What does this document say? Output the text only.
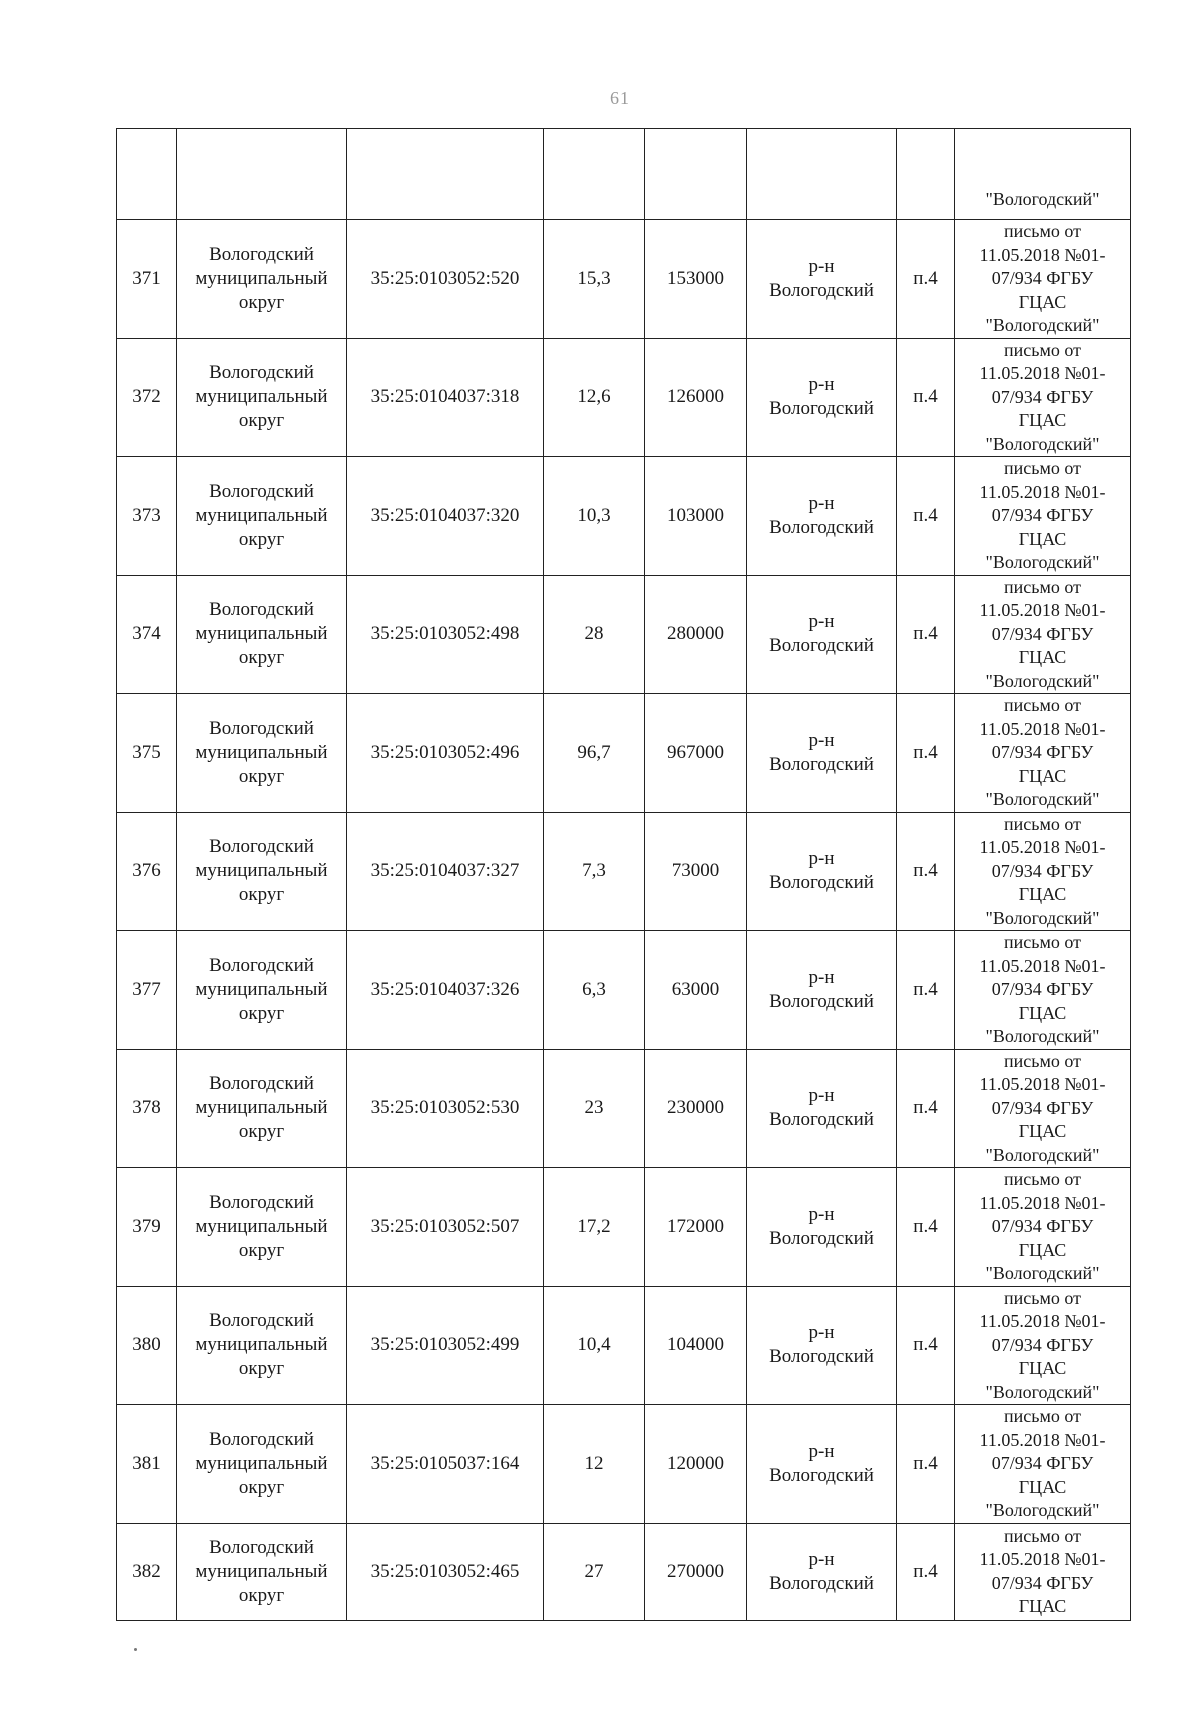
61
							"Вологодский"
371	Вологодский
муниципальный
округ	35:25:0103052:520	15,3	153000	р-н
Вологодский	п.4	письмо от
11.05.2018 №01-
07/934 ФГБУ
ГЦАС
"Вологодский"
372	Вологодский
муниципальный
округ	35:25:0104037:318	12,6	126000	р-н
Вологодский	п.4	письмо от
11.05.2018 №01-
07/934 ФГБУ
ГЦАС
"Вологодский"
373	Вологодский
муниципальный
округ	35:25:0104037:320	10,3	103000	р-н
Вологодский	п.4	письмо от
11.05.2018 №01-
07/934 ФГБУ
ГЦАС
"Вологодский"
374	Вологодский
муниципальный
округ	35:25:0103052:498	28	280000	р-н
Вологодский	п.4	письмо от
11.05.2018 №01-
07/934 ФГБУ
ГЦАС
"Вологодский"
375	Вологодский
муниципальный
округ	35:25:0103052:496	96,7	967000	р-н
Вологодский	п.4	письмо от
11.05.2018 №01-
07/934 ФГБУ
ГЦАС
"Вологодский"
376	Вологодский
муниципальный
округ	35:25:0104037:327	7,3	73000	р-н
Вологодский	п.4	письмо от
11.05.2018 №01-
07/934 ФГБУ
ГЦАС
"Вологодский"
377	Вологодский
муниципальный
округ	35:25:0104037:326	6,3	63000	р-н
Вологодский	п.4	письмо от
11.05.2018 №01-
07/934 ФГБУ
ГЦАС
"Вологодский"
378	Вологодский
муниципальный
округ	35:25:0103052:530	23	230000	р-н
Вологодский	п.4	письмо от
11.05.2018 №01-
07/934 ФГБУ
ГЦАС
"Вологодский"
379	Вологодский
муниципальный
округ	35:25:0103052:507	17,2	172000	р-н
Вологодский	п.4	письмо от
11.05.2018 №01-
07/934 ФГБУ
ГЦАС
"Вологодский"
380	Вологодский
муниципальный
округ	35:25:0103052:499	10,4	104000	р-н
Вологодский	п.4	письмо от
11.05.2018 №01-
07/934 ФГБУ
ГЦАС
"Вологодский"
381	Вологодский
муниципальный
округ	35:25:0105037:164	12	120000	р-н
Вологодский	п.4	письмо от
11.05.2018 №01-
07/934 ФГБУ
ГЦАС
"Вологодский"
382	Вологодский
муниципальный
округ	35:25:0103052:465	27	270000	р-н
Вологодский	п.4	письмо от
11.05.2018 №01-
07/934 ФГБУ
ГЦАС
